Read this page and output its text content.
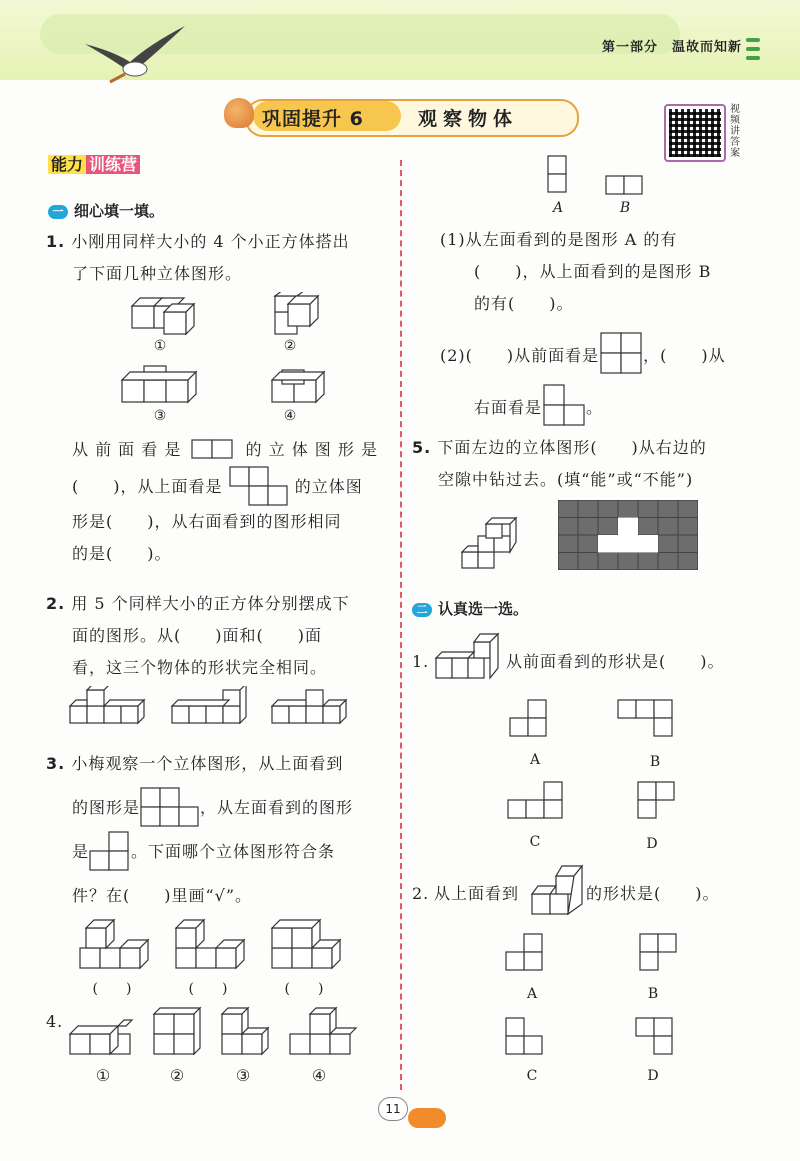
第一部分 温故而知新
巩固提升 6	观察物体	视频讲答案
能力 训练营
一 细心填一填。
1. 小刚用同样大小的 4 个小正方体搭出
了下面几种立体图形。
①	②
③	④
从 前 面 看 是	的 立 体 图 形 是
(　　)，从上面看是	的立体图
形是(　　)，从右面看到的图形相同
的是(　　)。
2. 用 5 个同样大小的正方体分别摆成下
面的图形。从(　　)面和(　　)面
看，这三个物体的形状完全相同。
3. 小梅观察一个立体图形，从上面看到
的图形是	，从左面看到的图形
是	。下面哪个立体图形符合条
件？在(　　)里画“√”。
(　　)	(　　)	(　　)
4.
①	②	③	④
A	B
(1)从左面看到的是图形 A 的有
(　　)，从上面看到的是图形 B
的有(　　)。
(2)(　　)从前面看是	，(　　)从
右面看是	。
5. 下面左边的立体图形(　　)从右边的
空隙中钻过去。(填“能”或“不能”)
二 认真选一选。
1.	从前面看到的形状是(　　)。
A	B
C	D
2. 从上面看到	的形状是(　　)。
A	B
C	D
11
